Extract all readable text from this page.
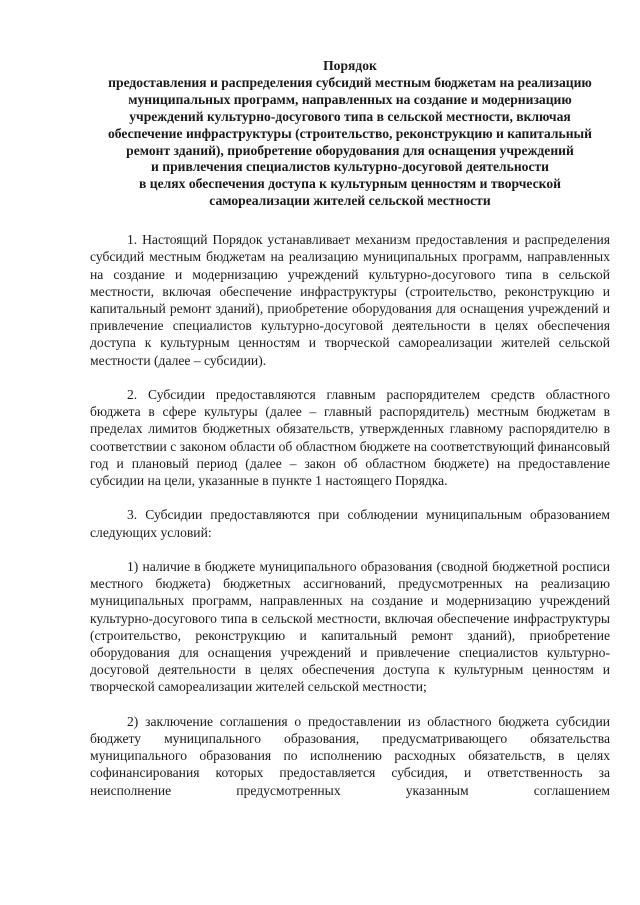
Порядок
предоставления и распределения субсидий местным бюджетам на реализацию
муниципальных программ, направленных на создание и модернизацию
учреждений культурно-досугового типа в сельской местности, включая
обеспечение инфраструктуры (строительство, реконструкцию и капитальный
ремонт зданий), приобретение оборудования для оснащения учреждений
и привлечения специалистов культурно-досуговой деятельности
в целях обеспечения доступа к культурным ценностям и творческой
самореализации жителей сельской местности

1. Настоящий Порядок устанавливает механизм предоставления и распределения субсидий местным бюджетам на реализацию муниципальных программ, направленных на создание и модернизацию учреждений культурно-досугового типа в сельской местности, включая обеспечение инфраструктуры (строительство, реконструкцию и капитальный ремонт зданий), приобретение оборудования для оснащения учреждений и привлечение специалистов культурно-досуговой деятельности в целях обеспечения доступа к культурным ценностям и творческой самореализации жителей сельской местности (далее – субсидии).

2. Субсидии предоставляются главным распорядителем средств областного бюджета в сфере культуры (далее – главный распорядитель) местным бюджетам в пределах лимитов бюджетных обязательств, утвержденных главному распорядителю в соответствии с законом области об областном бюджете на соответствующий финансовый год и плановый период (далее – закон об областном бюджете) на предоставление субсидии на цели, указанные в пункте 1 настоящего Порядка.

3. Субсидии предоставляются при соблюдении муниципальным образованием следующих условий:

1) наличие в бюджете муниципального образования (сводной бюджетной росписи местного бюджета) бюджетных ассигнований, предусмотренных на реализацию муниципальных программ, направленных на создание и модернизацию учреждений культурно-досугового типа в сельской местности, включая обеспечение инфраструктуры (строительство, реконструкцию и капитальный ремонт зданий), приобретение оборудования для оснащения учреждений и привлечение специалистов культурно-досуговой деятельности в целях обеспечения доступа к культурным ценностям и творческой самореализации жителей сельской местности;

2) заключение соглашения о предоставлении из областного бюджета субсидии бюджету муниципального образования, предусматривающего обязательства муниципального образования по исполнению расходных обязательств, в целях софинансирования которых предоставляется субсидия, и ответственность за неисполнение предусмотренных указанным соглашением
